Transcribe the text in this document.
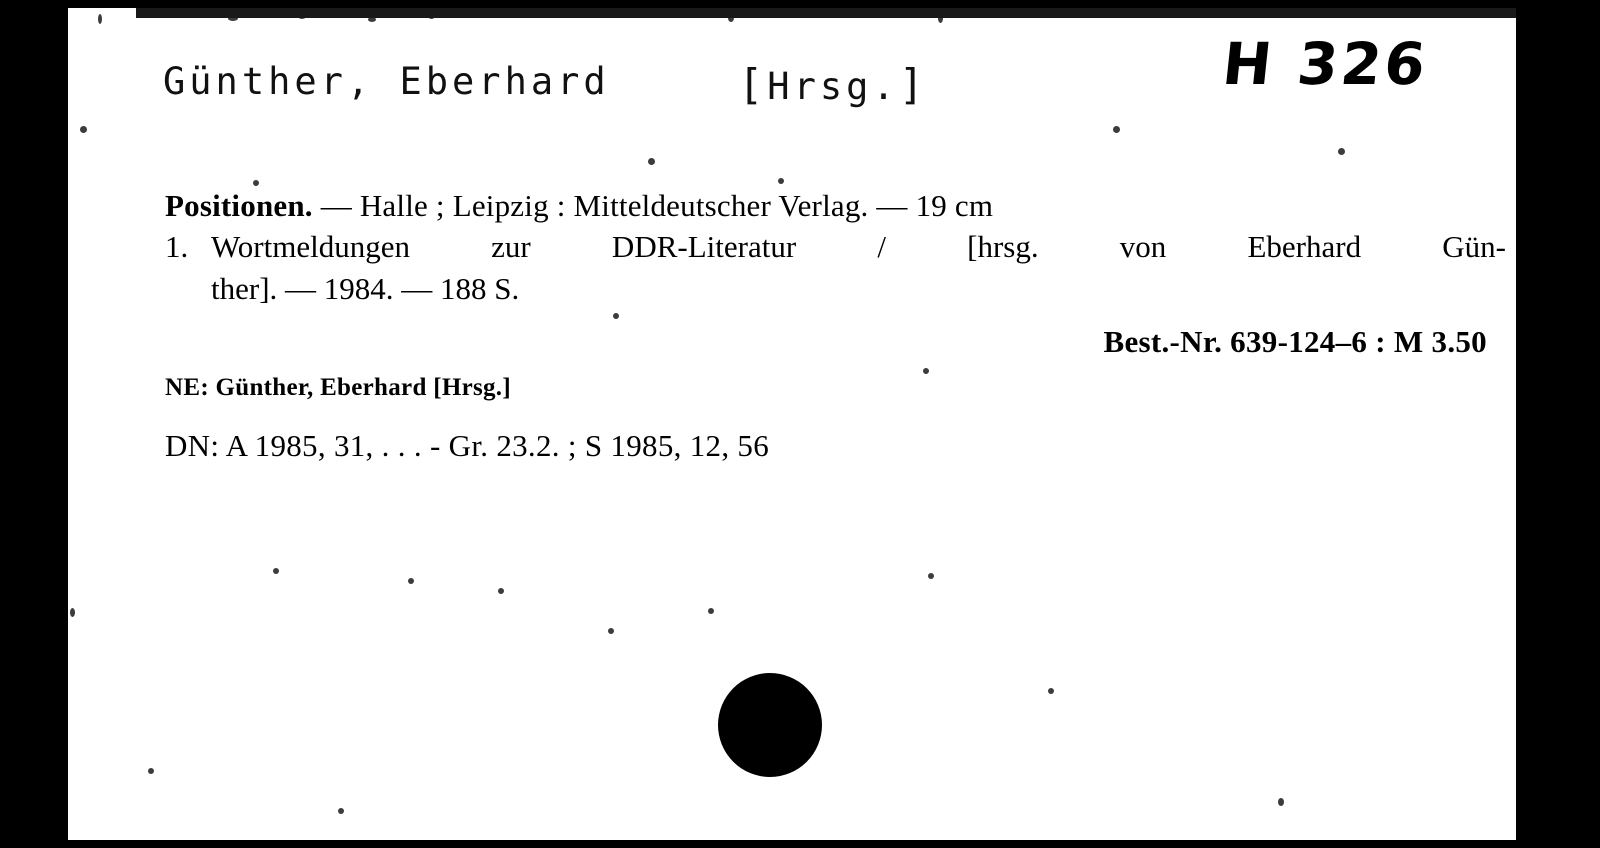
Günther, Eberhard	[Hrsg.]	H 326
Positionen. — Halle ; Leipzig : Mitteldeutscher Verlag. — 19 cm
1. Wortmeldungen zur DDR-Literatur / [hrsg. von Eberhard Gün-
ther]. — 1984. — 188 S.
Best.-Nr. 639-124–6 : M 3.50
NE: Günther, Eberhard [Hrsg.]
DN: A 1985, 31, . . . - Gr. 23.2. ; S 1985, 12, 56
